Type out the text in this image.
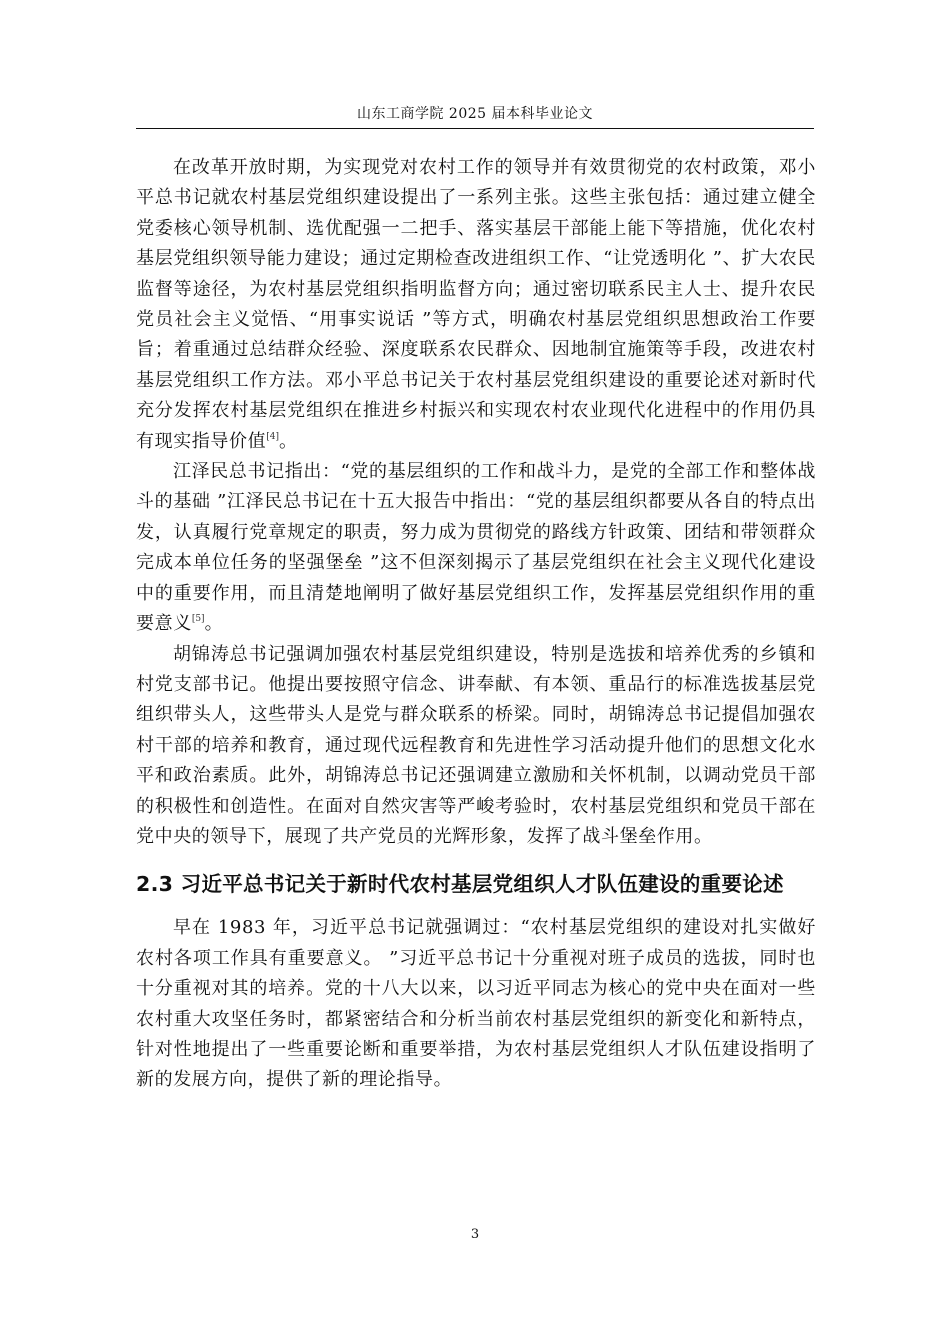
山东工商学院 2025 届本科毕业论文

在改革开放时期，为实现党对农村工作的领导并有效贯彻党的农村政策，邓小平总书记就农村基层党组织建设提出了一系列主张。这些主张包括：通过建立健全党委核心领导机制、选优配强一二把手、落实基层干部能上能下等措施，优化农村基层党组织领导能力建设；通过定期检查改进组织工作、“让党透明化 ”、扩大农民监督等途径，为农村基层党组织指明监督方向；通过密切联系民主人士、提升农民党员社会主义觉悟、“用事实说话 ”等方式，明确农村基层党组织思想政治工作要旨；着重通过总结群众经验、深度联系农民群众、因地制宜施策等手段，改进农村基层党组织工作方法。邓小平总书记关于农村基层党组织建设的重要论述对新时代充分发挥农村基层党组织在推进乡村振兴和实现农村农业现代化进程中的作用仍具有现实指导价值[4]。

江泽民总书记指出：“党的基层组织的工作和战斗力，是党的全部工作和整体战斗的基础 ”江泽民总书记在十五大报告中指出：“党的基层组织都要从各自的特点出发，认真履行党章规定的职责，努力成为贯彻党的路线方针政策、团结和带领群众完成本单位任务的坚强堡垒 ”这不但深刻揭示了基层党组织在社会主义现代化建设中的重要作用，而且清楚地阐明了做好基层党组织工作，发挥基层党组织作用的重要意义[5]。

胡锦涛总书记强调加强农村基层党组织建设，特别是选拔和培养优秀的乡镇和村党支部书记。他提出要按照守信念、讲奉献、有本领、重品行的标准选拔基层党组织带头人，这些带头人是党与群众联系的桥梁。同时，胡锦涛总书记提倡加强农村干部的培养和教育，通过现代远程教育和先进性学习活动提升他们的思想文化水平和政治素质。此外，胡锦涛总书记还强调建立激励和关怀机制，以调动党员干部的积极性和创造性。在面对自然灾害等严峻考验时，农村基层党组织和党员干部在党中央的领导下，展现了共产党员的光辉形象，发挥了战斗堡垒作用。

2.3 习近平总书记关于新时代农村基层党组织人才队伍建设的重要论述

早在 1983 年，习近平总书记就强调过：“农村基层党组织的建设对扎实做好农村各项工作具有重要意义。 ”习近平总书记十分重视对班子成员的选拔，同时也十分重视对其的培养。党的十八大以来，以习近平同志为核心的党中央在面对一些农村重大攻坚任务时，都紧密结合和分析当前农村基层党组织的新变化和新特点，针对性地提出了一些重要论断和重要举措，为农村基层党组织人才队伍建设指明了新的发展方向，提供了新的理论指导。

3
